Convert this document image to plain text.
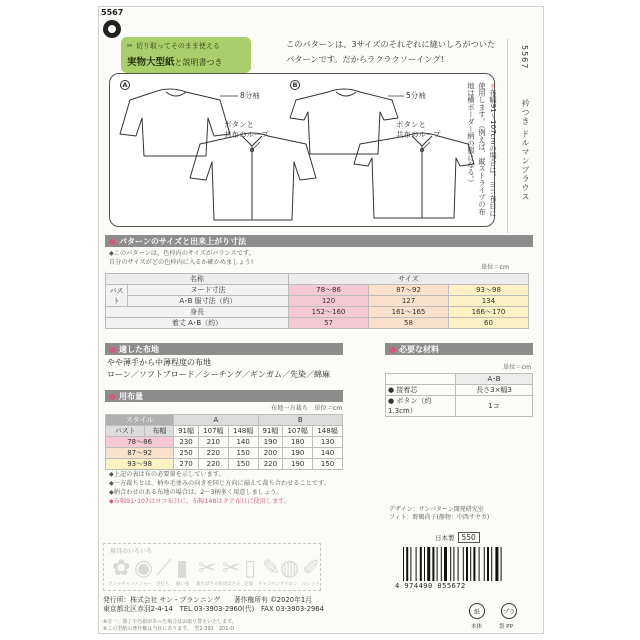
5567
✂ 切り取ってそのまま使える
実物大型紙と説明書つき
このパターンは、3サイズのそれぞれに縫いしろがついたパターンです。だからラクラクソーイング!	5567
衿つき ドルマンブラウス
A	B
8分袖	5分袖
ボタンと
共布のループ
ボタンと
共布のループ
＊布幅91〜107cmの場合は、ヨコ布目に使用します。（例えば、縦ストライプの布地は横ボーダー柄の服になる。）
● パターンのサイズと出来上がり寸法
◆このパターンは、色枠内のサイズがバランスです。
自分のサイズがどの色枠内に入るか確かめましょう!
単位＝cm
名称		サイズ		
バスト	ヌード寸法	78〜86	87〜92	93〜98
	A･B 服寸法（約）	120	127	134
身長		152〜160	161〜165	166〜170
着丈 A･B（約）		57	58	60
● 適した布地
やや薄手から中薄程度の布地
ローン／ソフトブロード／シーチング／ギンガム／先染／綿麻
● 必要な材料
単位＝cm
	A･B
● 接着芯	長さ3×幅3
● ボタン（約1.3cm）	1コ
● 用布量
布地一方裁ち　単位＝cm
スタイル		A			B		
バスト	布幅	91幅	107幅	148幅	91幅	107幅	148幅
78〜86		230	210	140	190	180	130
87〜92		250	220	150	200	190	140
93〜98		270	220	150	220	190	150
◆上記の表は布の必要量を示しています。
◆一方裁ちとは、柄や毛並みの向きを同じ方向に揃えて裁ち合わせることです。
◆柄合わせのある布地の場合は、2〜3柄多く用意しましょう。
◆布幅91･107はヨコ布目に、布幅148はタテ布目に使用します。
デザイン：サンパターン開発研究室
フィト：野鶴尚子(静物：中西サヤカ)
日本製 550
用具のいろいろ
✿ ◉ ⟋ ▮ ✂ ✂ ▯ ✎ ◍ ✐
ラシャチャコ メジャー 目打ち 縫い糸 裁ちばさみ 糸切ばさみ 定規 チャコペン アイロン ルレット	4 974490 055672
発行所：株式会社 サン・プランニング　　著作権所有 ©2020年1月
東京都北区赤羽2-4-14　TEL 03-3903-2960(代)　FAX 03-3903-2964
※万一、落丁や汚損があった場合はお取り替えいたします。
※この型紙の著作権は当社にあります。　 型2-391　201-D
紙
本体
プラ
袋 PP
